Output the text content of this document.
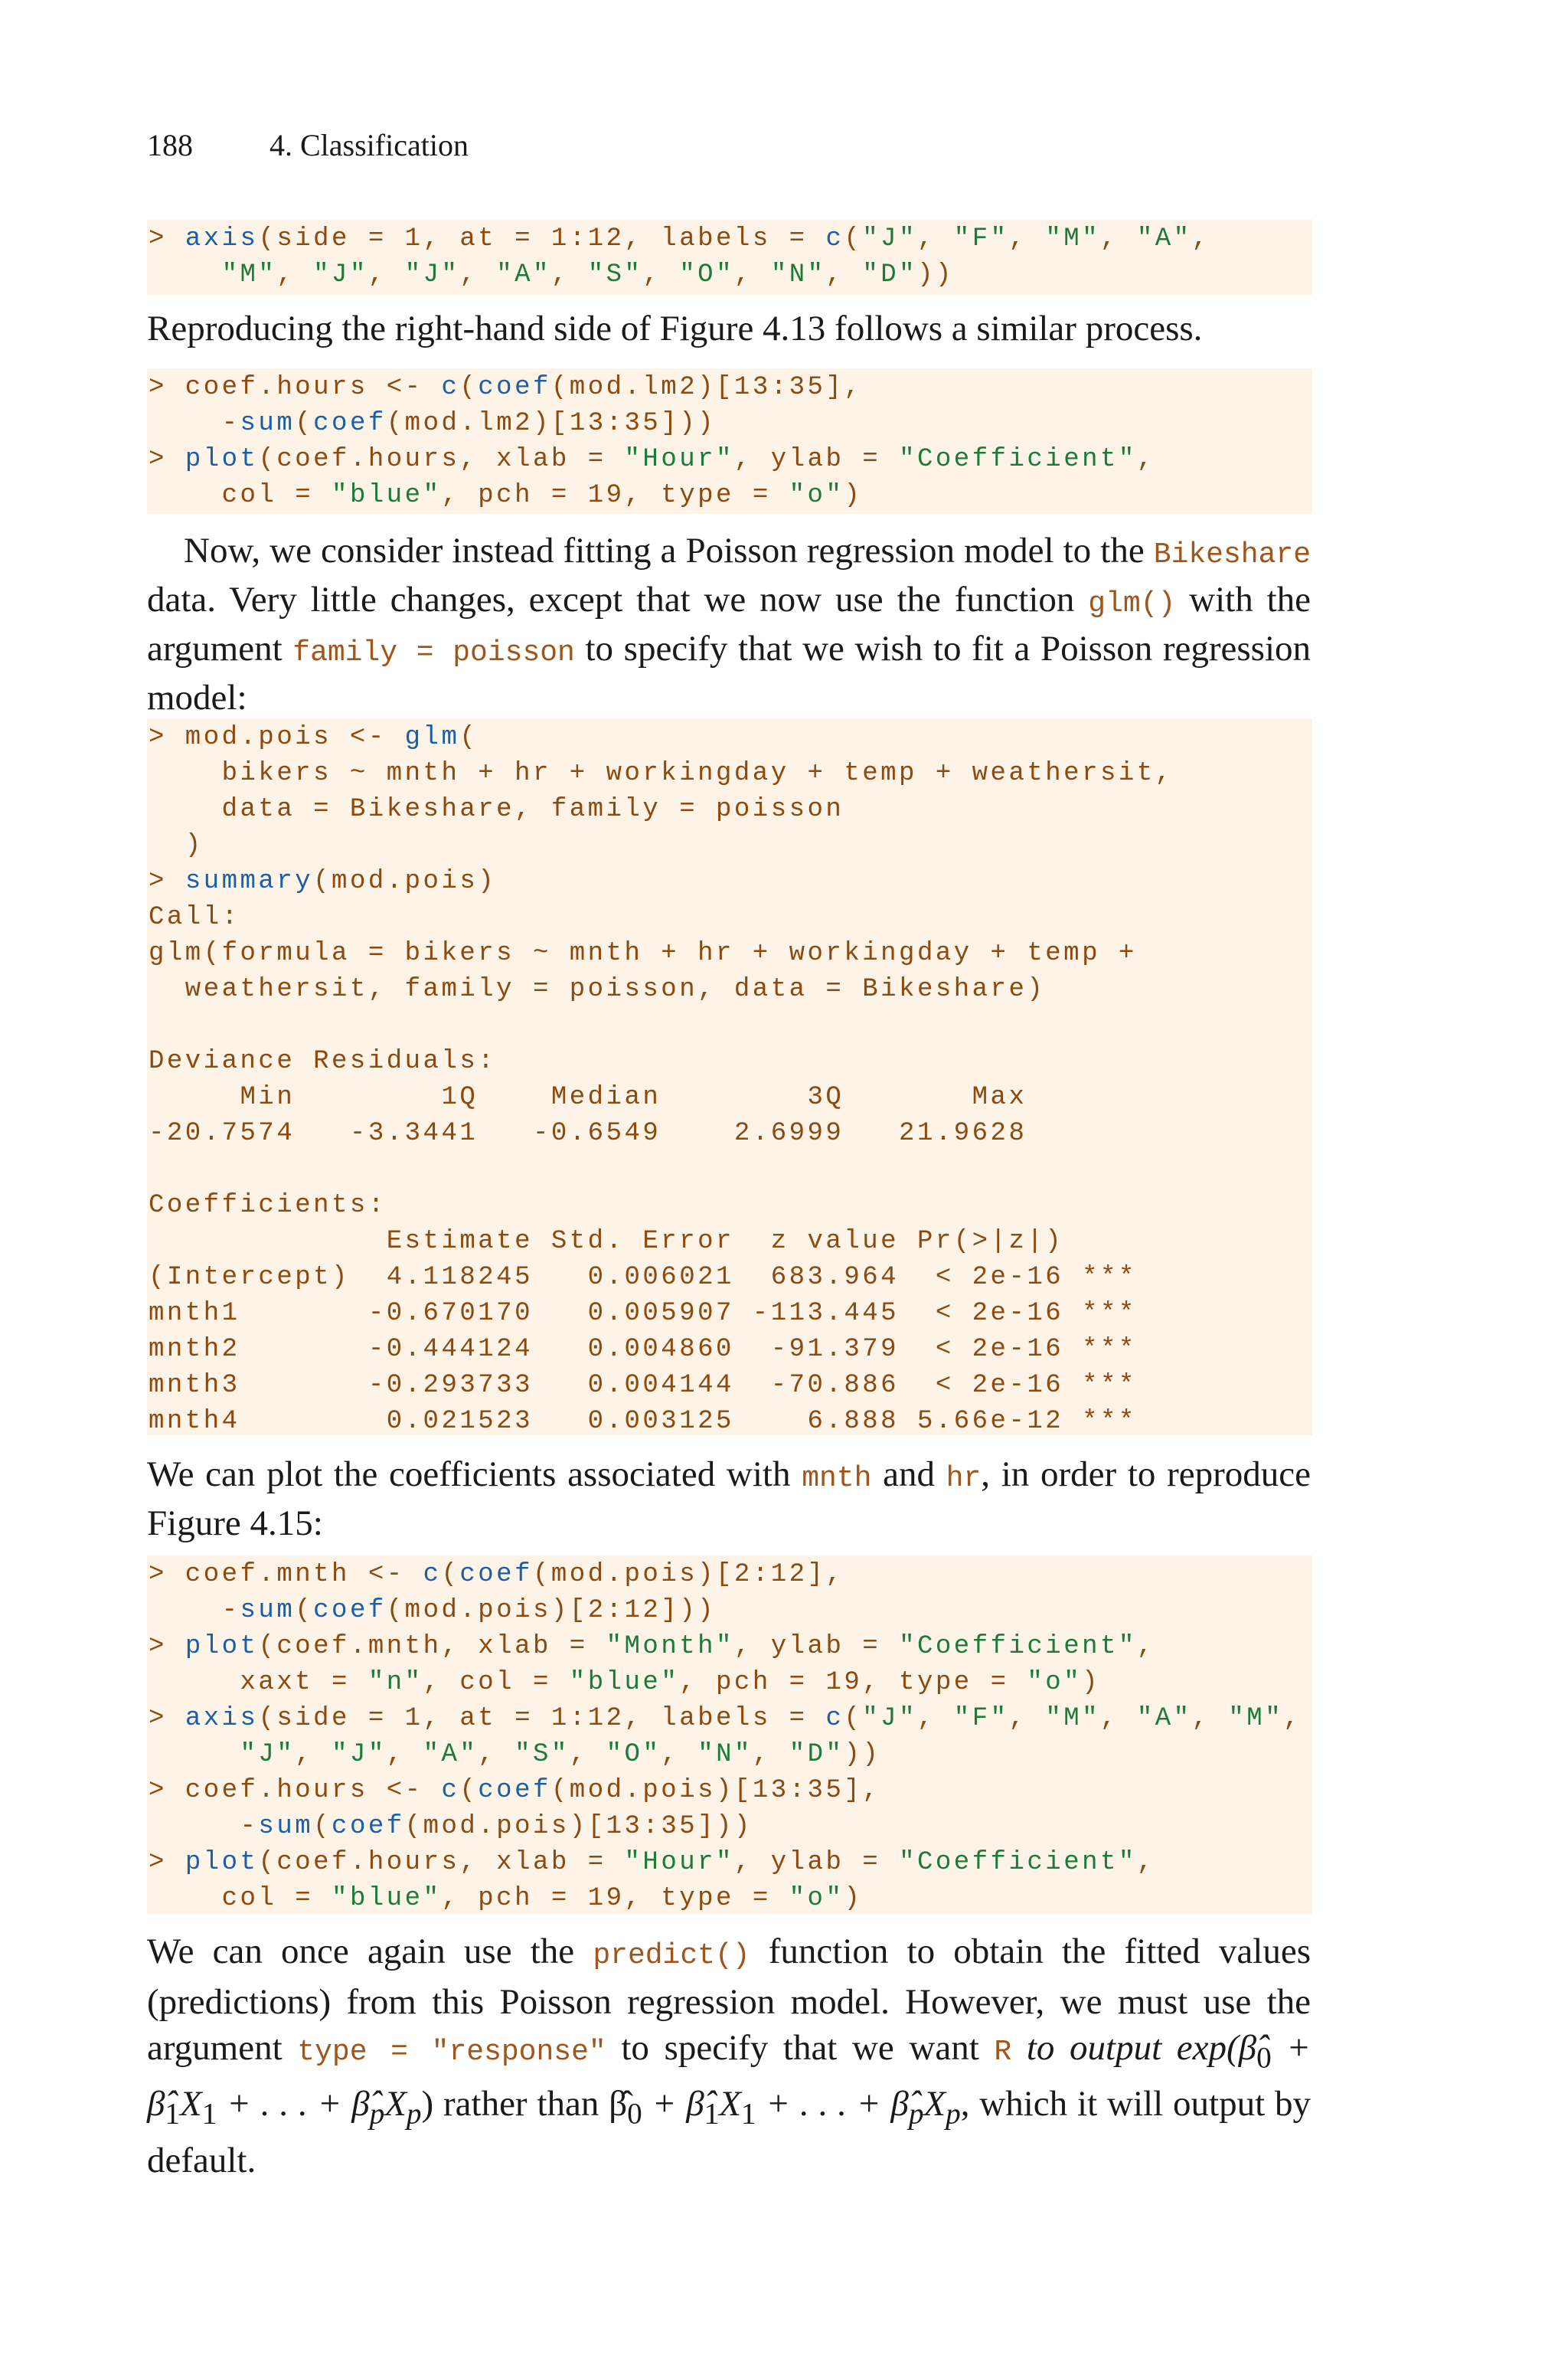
188	4. Classification
> axis(side = 1, at = 1:12, labels = c("J", "F", "M", "A",
"M", "J", "J", "A", "S", "O", "N", "D"))
Reproducing the right-hand side of Figure 4.13 follows a similar process.
> coef.hours <- c(coef(mod.lm2)[13:35],
-sum(coef(mod.lm2)[13:35]))
> plot(coef.hours, xlab = "Hour", ylab = "Coefficient",
col = "blue", pch = 19, type = "o")
Now, we consider instead fitting a Poisson regression model to the Bikeshare data. Very little changes, except that we now use the function glm() with the argument family = poisson to specify that we wish to fit a Poisson regression model:
> mod.pois <- glm(
bikers ~ mnth + hr + workingday + temp + weathersit,
data = Bikeshare, family = poisson
)
> summary(mod.pois)
Call:
glm(formula = bikers ~ mnth + hr + workingday + temp +
weathersit, family = poisson, data = Bikeshare)
Deviance Residuals:
Min        1Q    Median        3Q       Max
-20.7574   -3.3441   -0.6549    2.6999   21.9628
Coefficients:
Estimate Std. Error  z value Pr(>|z|)
(Intercept)  4.118245   0.006021  683.964  < 2e-16 ***
mnth1       -0.670170   0.005907 -113.445  < 2e-16 ***
mnth2       -0.444124   0.004860  -91.379  < 2e-16 ***
mnth3       -0.293733   0.004144  -70.886  < 2e-16 ***
mnth4        0.021523   0.003125    6.888 5.66e-12 ***
We can plot the coefficients associated with mnth and hr, in order to reproduce Figure 4.15:
> coef.mnth <- c(coef(mod.pois)[2:12],
-sum(coef(mod.pois)[2:12]))
> plot(coef.mnth, xlab = "Month", ylab = "Coefficient",
xaxt = "n", col = "blue", pch = 19, type = "o")
> axis(side = 1, at = 1:12, labels = c("J", "F", "M", "A", "M",
"J", "J", "A", "S", "O", "N", "D"))
> coef.hours <- c(coef(mod.pois)[13:35],
-sum(coef(mod.pois)[13:35]))
> plot(coef.hours, xlab = "Hour", ylab = "Coefficient",
col = "blue", pch = 19, type = "o")
We can once again use the predict() function to obtain the fitted values (predictions) from this Poisson regression model. However, we must use the argument type = "response" to specify that we want R to output $\exp(\betâ_0$ + $\betâ_1X_1$ + . . . + $\betâ_pX_p$) rather than $\betâ_0$ + $\betâ_1X_1$ + . . . + $\betâ_pX_p$, which it will output by default.
